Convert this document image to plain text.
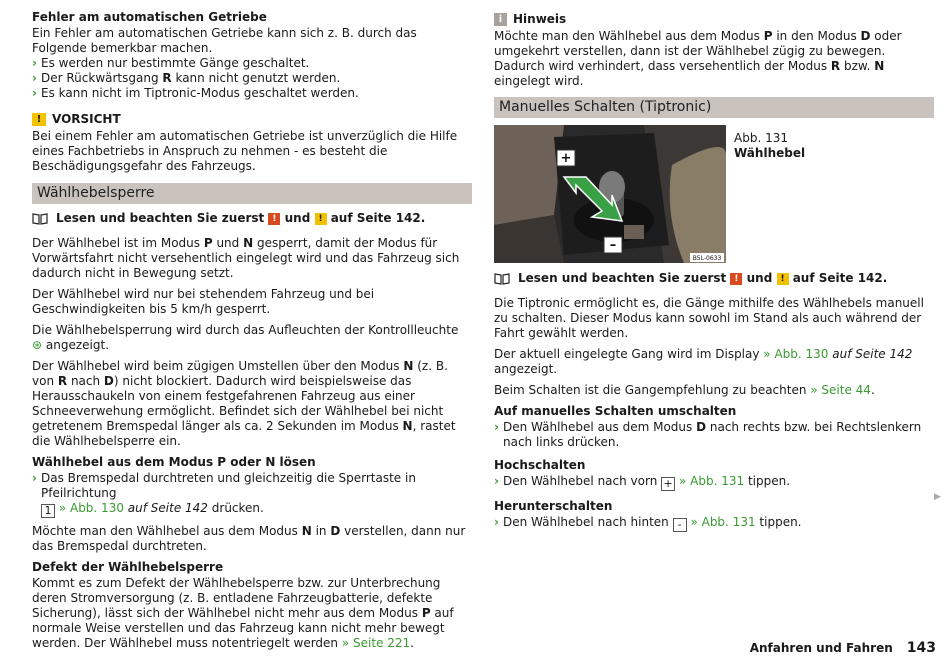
Fehler am automatischen Getriebe

Ein Fehler am automatischen Getriebe kann sich z. B. durch das Folgende bemerkbar machen.

› Es werden nur bestimmte Gänge geschaltet.
› Der Rückwärtsgang R kann nicht genutzt werden.
› Es kann nicht im Tiptronic-Modus geschaltet werden.
! VORSICHT

Bei einem Fehler am automatischen Getriebe ist unverzüglich die Hilfe eines Fachbetriebs in Anspruch zu nehmen - es besteht die Beschädigungsgefahr des Fahrzeugs.

Wählhebelsperre
Lesen und beachten Sie zuerst
!
und
!
auf Seite 142.

Der Wählhebel ist im Modus P und N gesperrt, damit der Modus für Vorwärtsfahrt nicht versehentlich eingelegt wird und das Fahrzeug sich dadurch nicht in Bewegung setzt.

Der Wählhebel wird nur bei stehendem Fahrzeug und bei Geschwindigkeiten bis 5 km/h gesperrt.

Die Wählhebelsperrung wird durch das Aufleuchten der Kontrollleuchte ⊛ angezeigt.

Der Wählhebel wird beim zügigen Umstellen über den Modus N (z. B. von R nach D) nicht blockiert. Dadurch wird beispielsweise das Herausschaukeln von einem festgefahrenen Fahrzeug aus einer Schneeverwehung ermöglicht. Befindet sich der Wählhebel bei nicht getretenem Bremspedal länger als ca. 2 Sekunden im Modus N, rastet die Wählhebelsperre ein.

Wählhebel aus dem Modus P oder N lösen
› Das Bremspedal durchtreten und gleichzeitig die Sperrtaste in Pfeilrichtung
1 » Abb. 130 auf Seite 142 drücken.

Möchte man den Wählhebel aus dem Modus N in D verstellen, dann nur das Bremspedal durchtreten.

Defekt der Wählhebelsperre

Kommt es zum Defekt der Wählhebelsperre bzw. zur Unterbrechung deren Stromversorgung (z. B. entladene Fahrzeugbatterie, defekte Sicherung), lässt sich der Wählhebel nicht mehr aus dem Modus P auf normale Weise verstellen und das Fahrzeug kann nicht mehr bewegt werden. Der Wählhebel muss notentriegelt werden » Seite 221.

i Hinweis

Möchte man den Wählhebel aus dem Modus P in den Modus D oder umgekehrt verstellen, dann ist der Wählhebel zügig zu bewegen. Dadurch wird verhindert, dass versehentlich der Modus R bzw. N eingelegt wird.

Manuelles Schalten (Tiptronic)
+
–
B5L-0633
Abb. 131
Wählhebel
Lesen und beachten Sie zuerst
!
und
!
auf Seite 142.

Die Tiptronic ermöglicht es, die Gänge mithilfe des Wählhebels manuell zu schalten. Dieser Modus kann sowohl im Stand als auch während der Fahrt gewählt werden.

Der aktuell eingelegte Gang wird im Display » Abb. 130 auf Seite 142 angezeigt.

Beim Schalten ist die Gangempfehlung zu beachten » Seite 44.

Auf manuelles Schalten umschalten
› Den Wählhebel aus dem Modus D nach rechts bzw. bei Rechtslenkern nach links drücken.
Hochschalten
› Den Wählhebel nach vorn + » Abb. 131 tippen.
Herunterschalten
› Den Wählhebel nach hinten - » Abb. 131 tippen.
▶
Anfahren und Fahren 143
